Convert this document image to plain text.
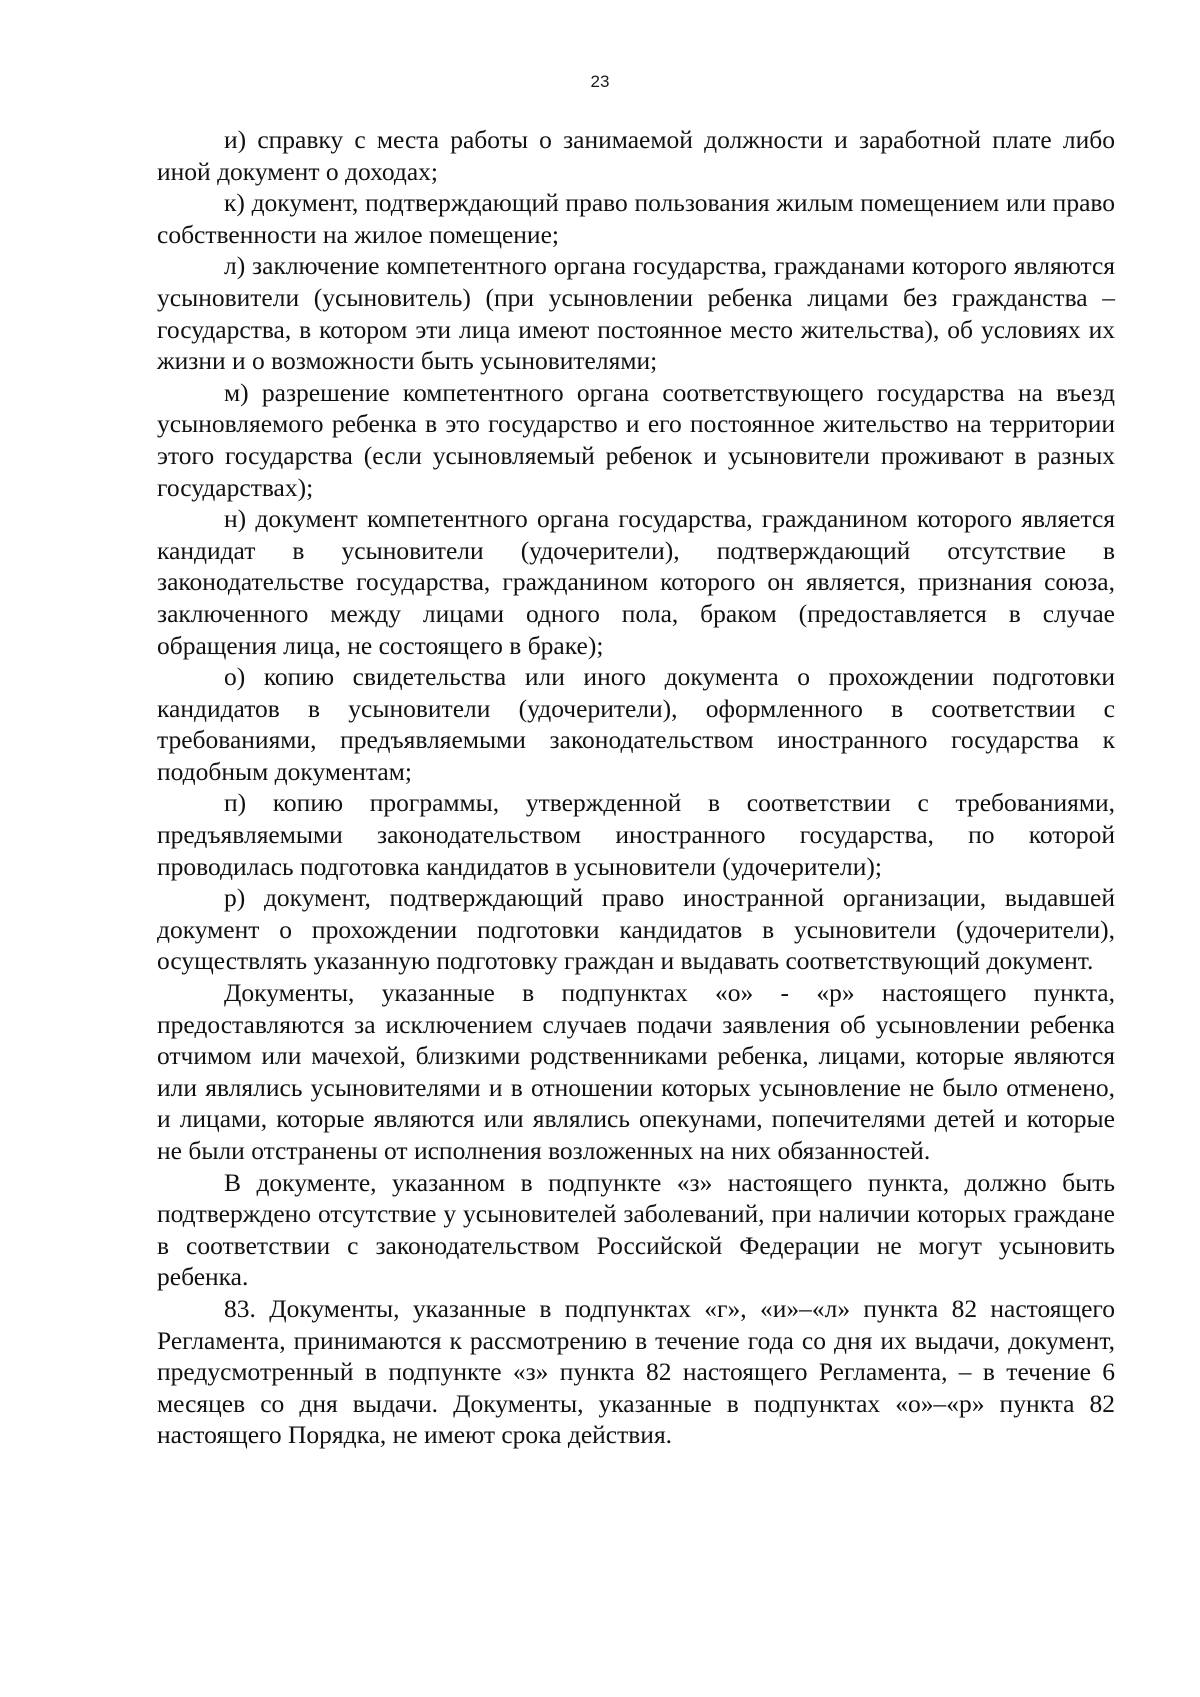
23

и) справку с места работы о занимаемой должности и заработной плате либо иной документ о доходах;

к) документ, подтверждающий право пользования жилым помещением или право собственности на жилое помещение;

л) заключение компетентного органа государства, гражданами которого являются усыновители (усыновитель) (при усыновлении ребенка лицами без гражданства – государства, в котором эти лица имеют постоянное место жительства), об условиях их жизни и о возможности быть усыновителями;

м) разрешение компетентного органа соответствующего государства на въезд усыновляемого ребенка в это государство и его постоянное жительство на территории этого государства (если усыновляемый ребенок и усыновители проживают в разных государствах);

н) документ компетентного органа государства, гражданином которого является кандидат в усыновители (удочерители), подтверждающий отсутствие в законодательстве государства, гражданином которого он является, признания союза, заключенного между лицами одного пола, браком (предоставляется в случае обращения лица, не состоящего в браке);

о) копию свидетельства или иного документа о прохождении подготовки кандидатов в усыновители (удочерители), оформленного в соответствии с требованиями, предъявляемыми законодательством иностранного государства к подобным документам;

п) копию программы, утвержденной в соответствии с требованиями, предъявляемыми законодательством иностранного государства, по которой проводилась подготовка кандидатов в усыновители (удочерители);

р) документ, подтверждающий право иностранной организации, выдавшей документ о прохождении подготовки кандидатов в усыновители (удочерители), осуществлять указанную подготовку граждан и выдавать соответствующий документ.

Документы, указанные в подпунктах «о» - «р» настоящего пункта, предоставляются за исключением случаев подачи заявления об усыновлении ребенка отчимом или мачехой, близкими родственниками ребенка, лицами, которые являются или являлись усыновителями и в отношении которых усыновление не было отменено, и лицами, которые являются или являлись опекунами, попечителями детей и которые не были отстранены от исполнения возложенных на них обязанностей.

В документе, указанном в подпункте «з» настоящего пункта, должно быть подтверждено отсутствие у усыновителей заболеваний, при наличии которых граждане в соответствии с законодательством Российской Федерации не могут усыновить ребенка.

83. Документы, указанные в подпунктах «г», «и»–«л» пункта 82 настоящего Регламента, принимаются к рассмотрению в течение года со дня их выдачи, документ, предусмотренный в подпункте «з» пункта 82 настоящего Регламента, – в течение 6 месяцев со дня выдачи. Документы, указанные в подпунктах «о»–«р» пункта 82 настоящего Порядка, не имеют срока действия.
